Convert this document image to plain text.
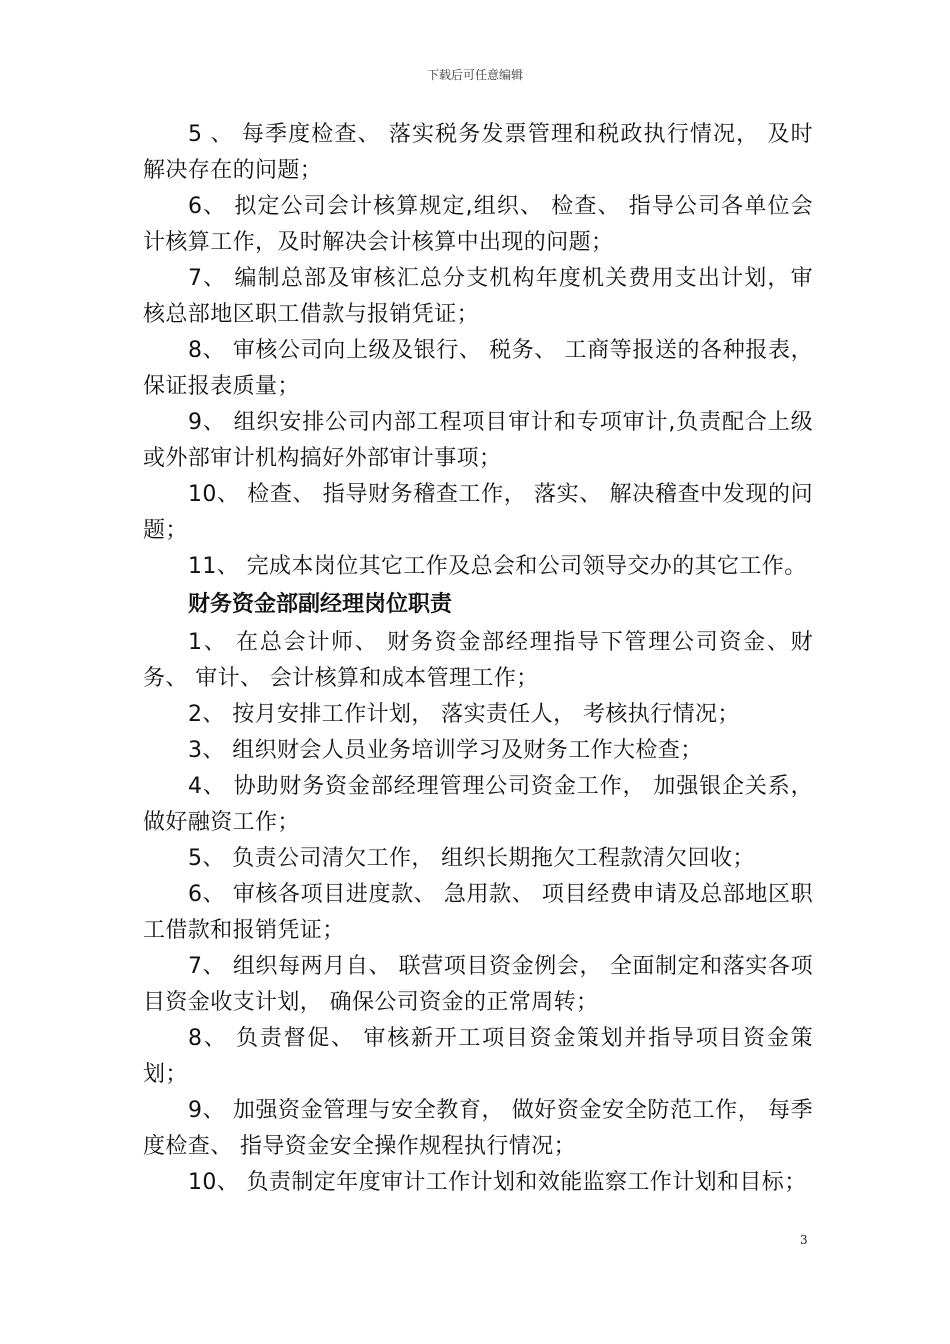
下载后可任意编辑

5 、 每季度检查、 落实税务发票管理和税政执行情况， 及时解决存在的问题；

6、 拟定公司会计核算规定,组织、 检查、 指导公司各单位会计核算工作，及时解决会计核算中出现的问题；

7、 编制总部及审核汇总分支机构年度机关费用支出计划，审核总部地区职工借款与报销凭证；

8、 审核公司向上级及银行、 税务、 工商等报送的各种报表，保证报表质量；

9、 组织安排公司内部工程项目审计和专项审计,负责配合上级或外部审计机构搞好外部审计事项；

10、 检查、 指导财务稽查工作， 落实、 解决稽查中发现的问题；

11、 完成本岗位其它工作及总会和公司领导交办的其它工作。

财务资金部副经理岗位职责

1、 在总会计师、 财务资金部经理指导下管理公司资金、财务、 审计、 会计核算和成本管理工作；

2、 按月安排工作计划， 落实责任人， 考核执行情况；

3、 组织财会人员业务培训学习及财务工作大检查；

4、 协助财务资金部经理管理公司资金工作， 加强银企关系，做好融资工作；

5、 负责公司清欠工作， 组织长期拖欠工程款清欠回收；

6、 审核各项目进度款、 急用款、 项目经费申请及总部地区职工借款和报销凭证；

7、 组织每两月自、 联营项目资金例会， 全面制定和落实各项目资金收支计划， 确保公司资金的正常周转；

8、 负责督促、 审核新开工项目资金策划并指导项目资金策划；

9、 加强资金管理与安全教育， 做好资金安全防范工作， 每季度检查、 指导资金安全操作规程执行情况；

10、 负责制定年度审计工作计划和效能监察工作计划和目标；

3
